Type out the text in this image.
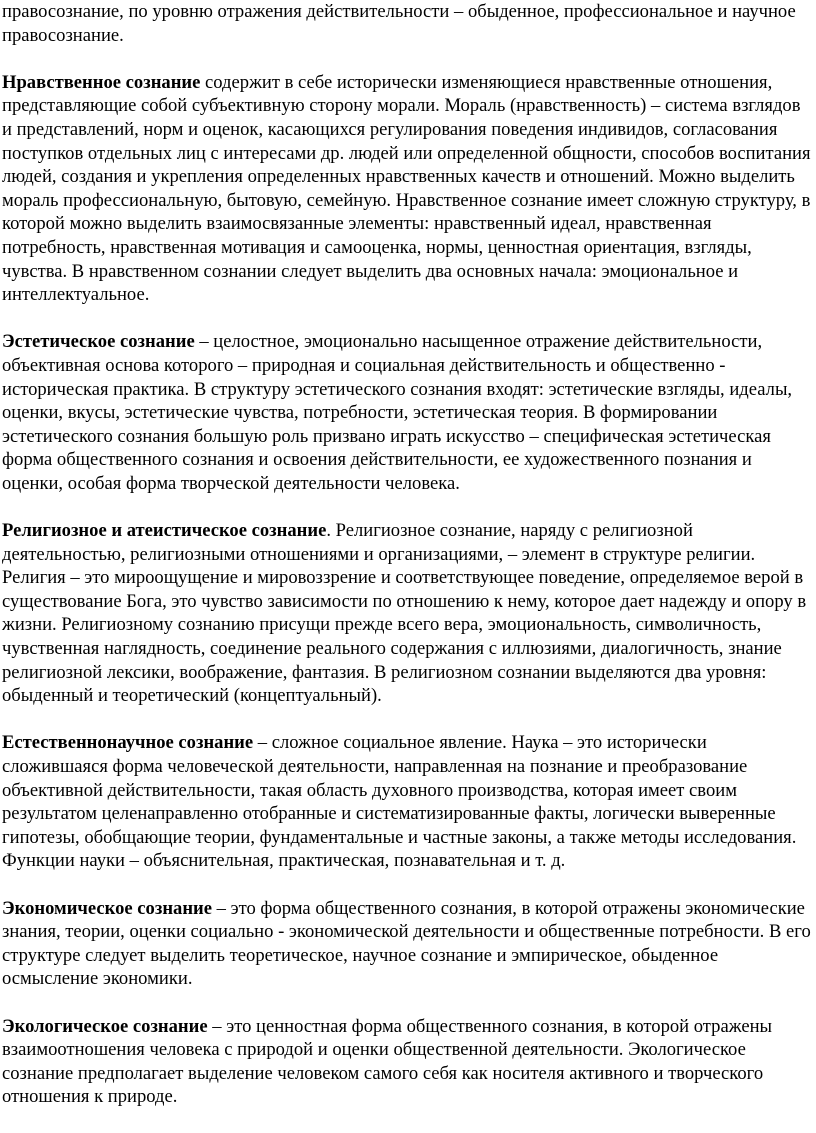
правосознание, по уровню отражения действительности – обыденное, профессиональное и научное правосознание.

Нравственное сознание содержит в себе исторически изменяющиеся нравственные отношения, представляющие собой субъективную сторону морали. Мораль (нравственность) – система взглядов и представлений, норм и оценок, касающихся регулирования поведения индивидов, согласования поступков отдельных лиц с интересами др. людей или определенной общности, способов воспитания людей, создания и укрепления определенных нравственных качеств и отношений. Можно выделить мораль профессиональную, бытовую, семейную. Нравственное сознание имеет сложную структуру, в которой можно выделить взаимосвязанные элементы: нравственный идеал, нравственная потребность, нравственная мотивация и самооценка, нормы, ценностная ориентация, взгляды, чувства. В нравственном сознании следует выделить два основных начала: эмоциональное и интеллектуальное.

Эстетическое сознание – целостное, эмоционально насыщенное отражение действительности, объективная основа которого – природная и социальная действительность и общественно - историческая практика. В структуру эстетического сознания входят: эстетические взгляды, идеалы, оценки, вкусы, эстетические чувства, потребности, эстетическая теория. В формировании эстетического сознания большую роль призвано играть искусство – специфическая эстетическая форма общественного сознания и освоения действительности, ее художественного познания и оценки, особая форма творческой деятельности человека.

Религиозное и атеистическое сознание. Религиозное сознание, наряду с религиозной деятельностью, религиозными отношениями и организациями, – элемент в структуре религии. Религия – это мироощущение и мировоззрение и соответствующее поведение, определяемое верой в существование Бога, это чувство зависимости по отношению к нему, которое дает надежду и опору в жизни. Религиозному сознанию присущи прежде всего вера, эмоциональность, символичность, чувственная наглядность, соединение реального содержания с иллюзиями, диалогичность, знание религиозной лексики, воображение, фантазия. В религиозном сознании выделяются два уровня: обыденный и теоретический (концептуальный).

Естественнонаучное сознание – сложное социальное явление. Наука – это исторически сложившаяся форма человеческой деятельности, направленная на познание и преобразование объективной действительности, такая область духовного производства, которая имеет своим результатом целенаправленно отобранные и систематизированные факты, логически выверенные гипотезы, обобщающие теории, фундаментальные и частные законы, а также методы исследования. Функции науки – объяснительная, практическая, познавательная и т. д.

Экономическое сознание – это форма общественного сознания, в которой отражены экономические знания, теории, оценки социально - экономической деятельности и общественные потребности. В его структуре следует выделить теоретическое, научное сознание и эмпирическое, обыденное осмысление экономики.

Экологическое сознание – это ценностная форма общественного сознания, в которой отражены взаимоотношения человека с природой и оценки общественной деятельности. Экологическое сознание предполагает выделение человеком самого себя как носителя активного и творческого отношения к природе.
